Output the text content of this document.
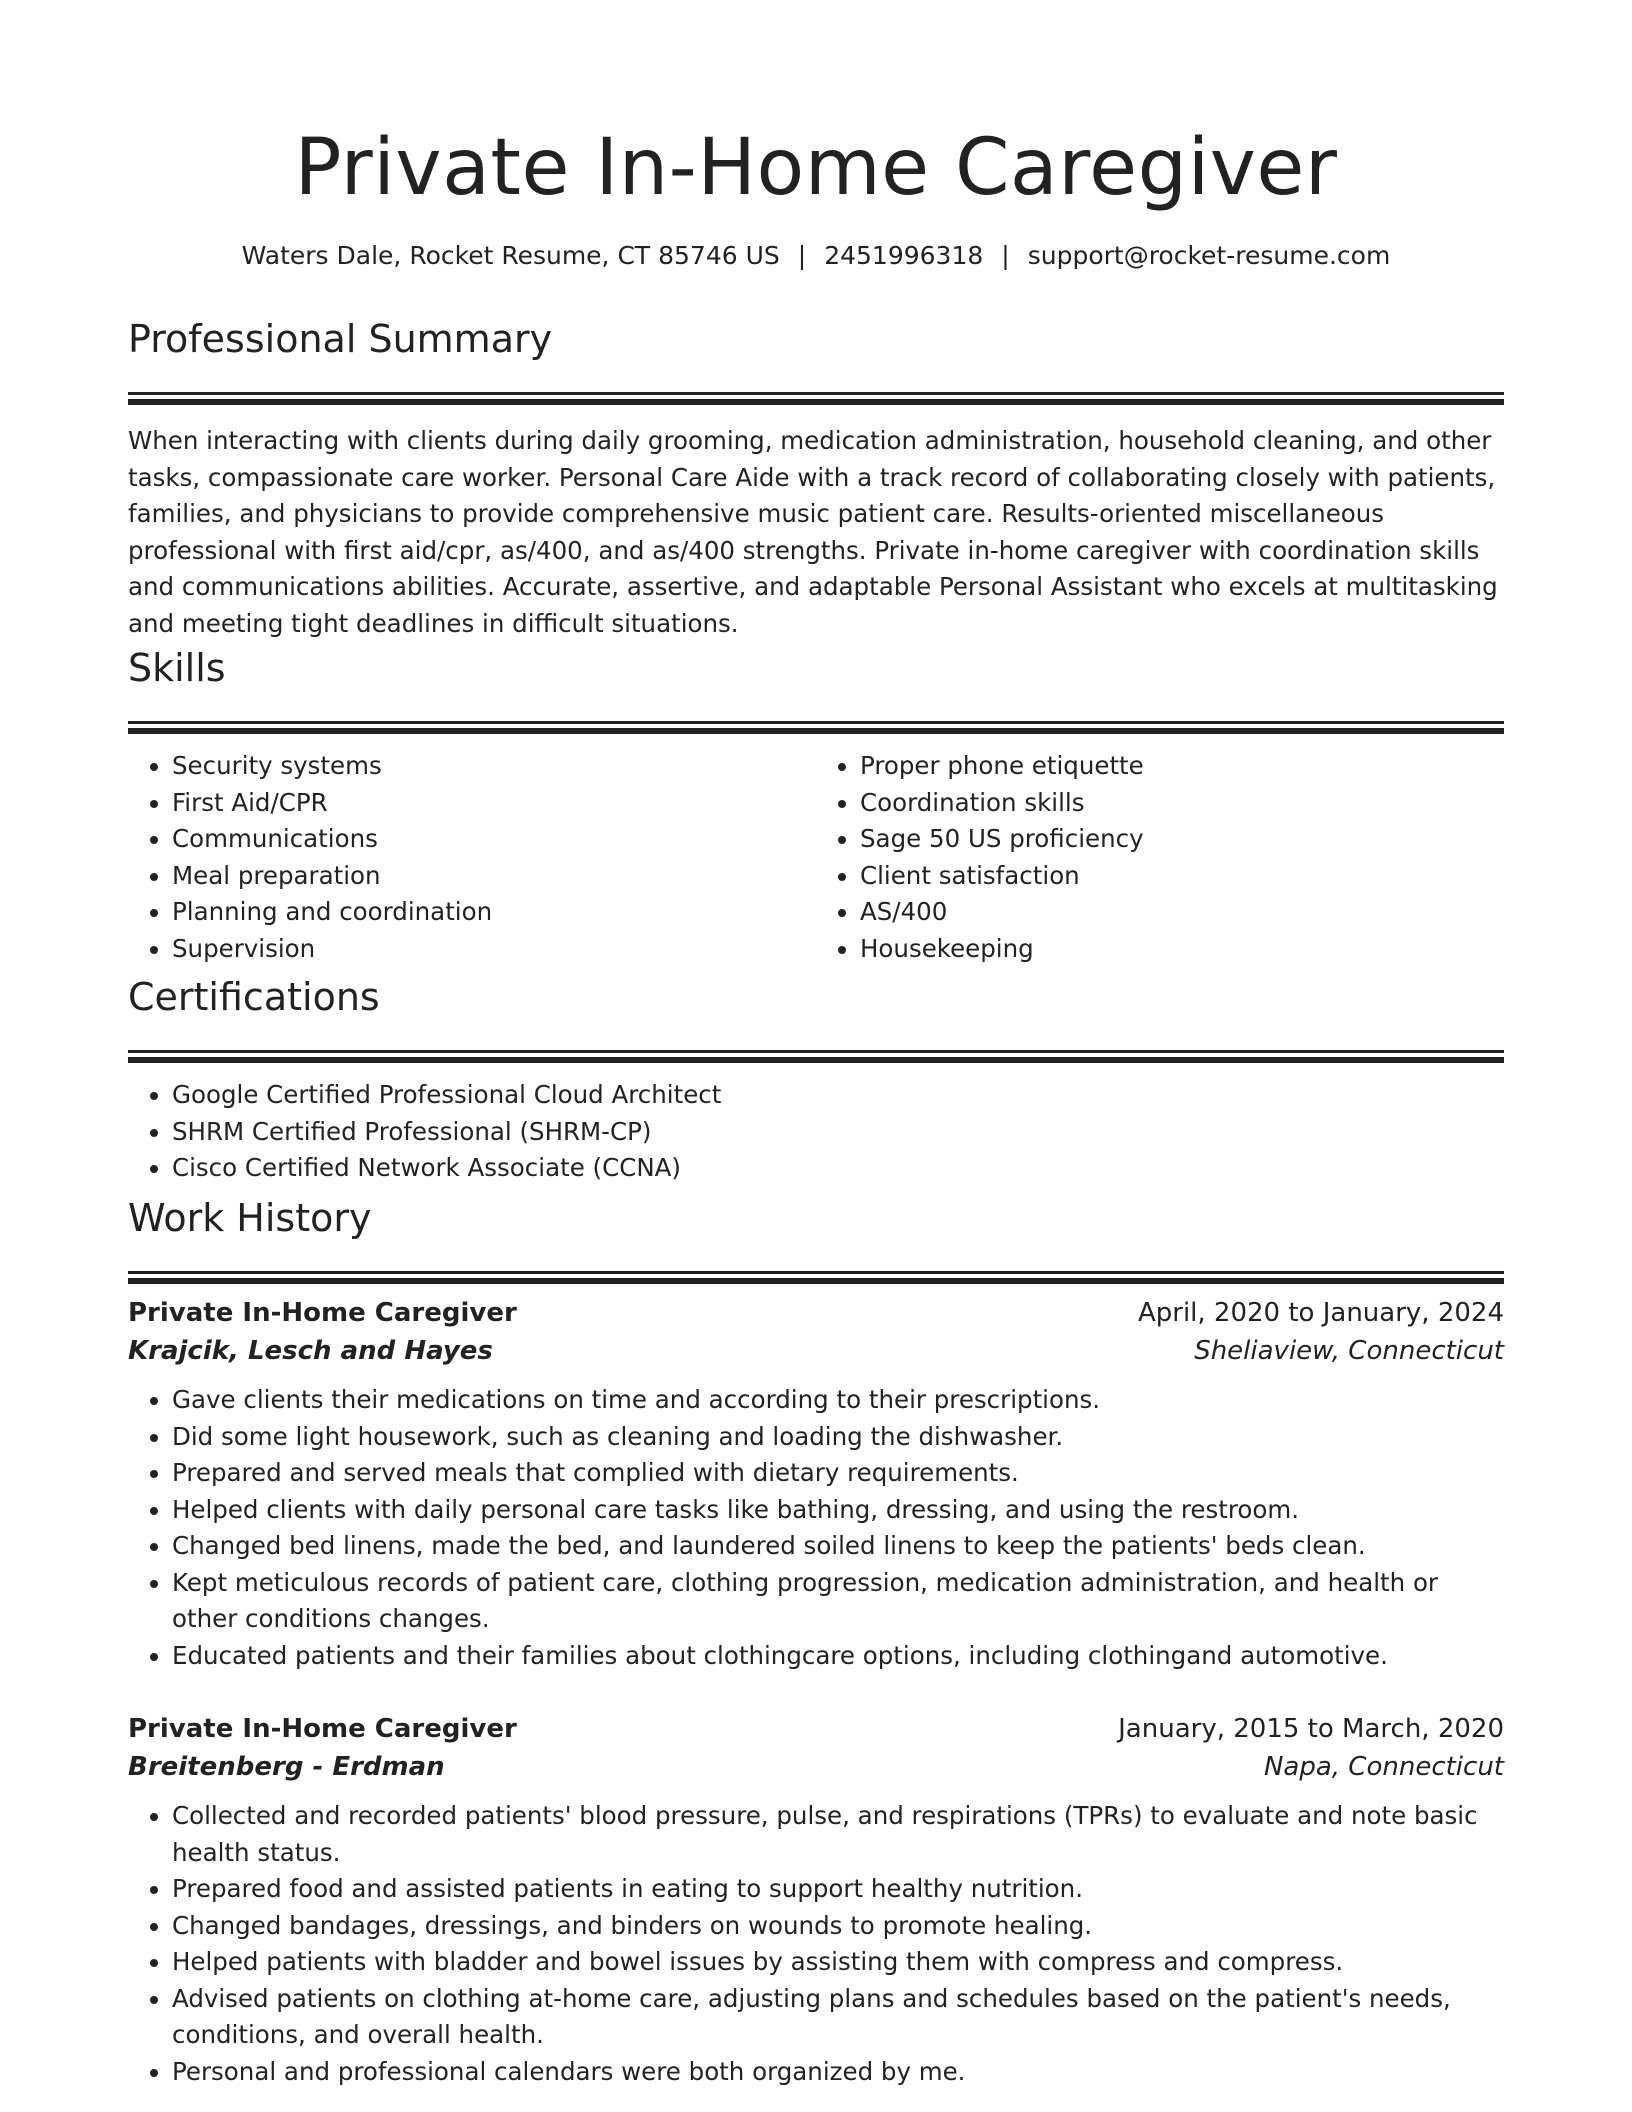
Private In-Home Caregiver
Waters Dale, Rocket Resume, CT 85746 US | 2451996318 | support@rocket-resume.com
Professional Summary

When interacting with clients during daily grooming, medication administration, household cleaning, and other tasks, compassionate care worker. Personal Care Aide with a track record of collaborating closely with patients, families, and physicians to provide comprehensive music patient care. Results-oriented miscellaneous professional with first aid/cpr, as/400, and as/400 strengths. Private in-home caregiver with coordination skills and communications abilities. Accurate, assertive, and adaptable Personal Assistant who excels at multitasking and meeting tight deadlines in difficult situations.

Skills
• Security systems
• First Aid/CPR
• Communications
• Meal preparation
• Planning and coordination
• Supervision
• Proper phone etiquette
• Coordination skills
• Sage 50 US proficiency
• Client satisfaction
• AS/400
• Housekeeping
Certifications
• Google Certified Professional Cloud Architect
• SHRM Certified Professional (SHRM-CP)
• Cisco Certified Network Associate (CCNA)
Work History
Private In-Home Caregiver	April, 2020 to January, 2024
Krajcik, Lesch and Hayes	Sheliaview, Connecticut
• Gave clients their medications on time and according to their prescriptions.
• Did some light housework, such as cleaning and loading the dishwasher.
• Prepared and served meals that complied with dietary requirements.
• Helped clients with daily personal care tasks like bathing, dressing, and using the restroom.
• Changed bed linens, made the bed, and laundered soiled linens to keep the patients' beds clean.
• Kept meticulous records of patient care, clothing progression, medication administration, and health or other conditions changes.
• Educated patients and their families about clothingcare options, including clothingand automotive.
Private In-Home Caregiver	January, 2015 to March, 2020
Breitenberg - Erdman	Napa, Connecticut
• Collected and recorded patients' blood pressure, pulse, and respirations (TPRs) to evaluate and note basic health status.
• Prepared food and assisted patients in eating to support healthy nutrition.
• Changed bandages, dressings, and binders on wounds to promote healing.
• Helped patients with bladder and bowel issues by assisting them with compress and compress.
• Advised patients on clothing at-home care, adjusting plans and schedules based on the patient's needs, conditions, and overall health.
• Personal and professional calendars were both organized by me.
